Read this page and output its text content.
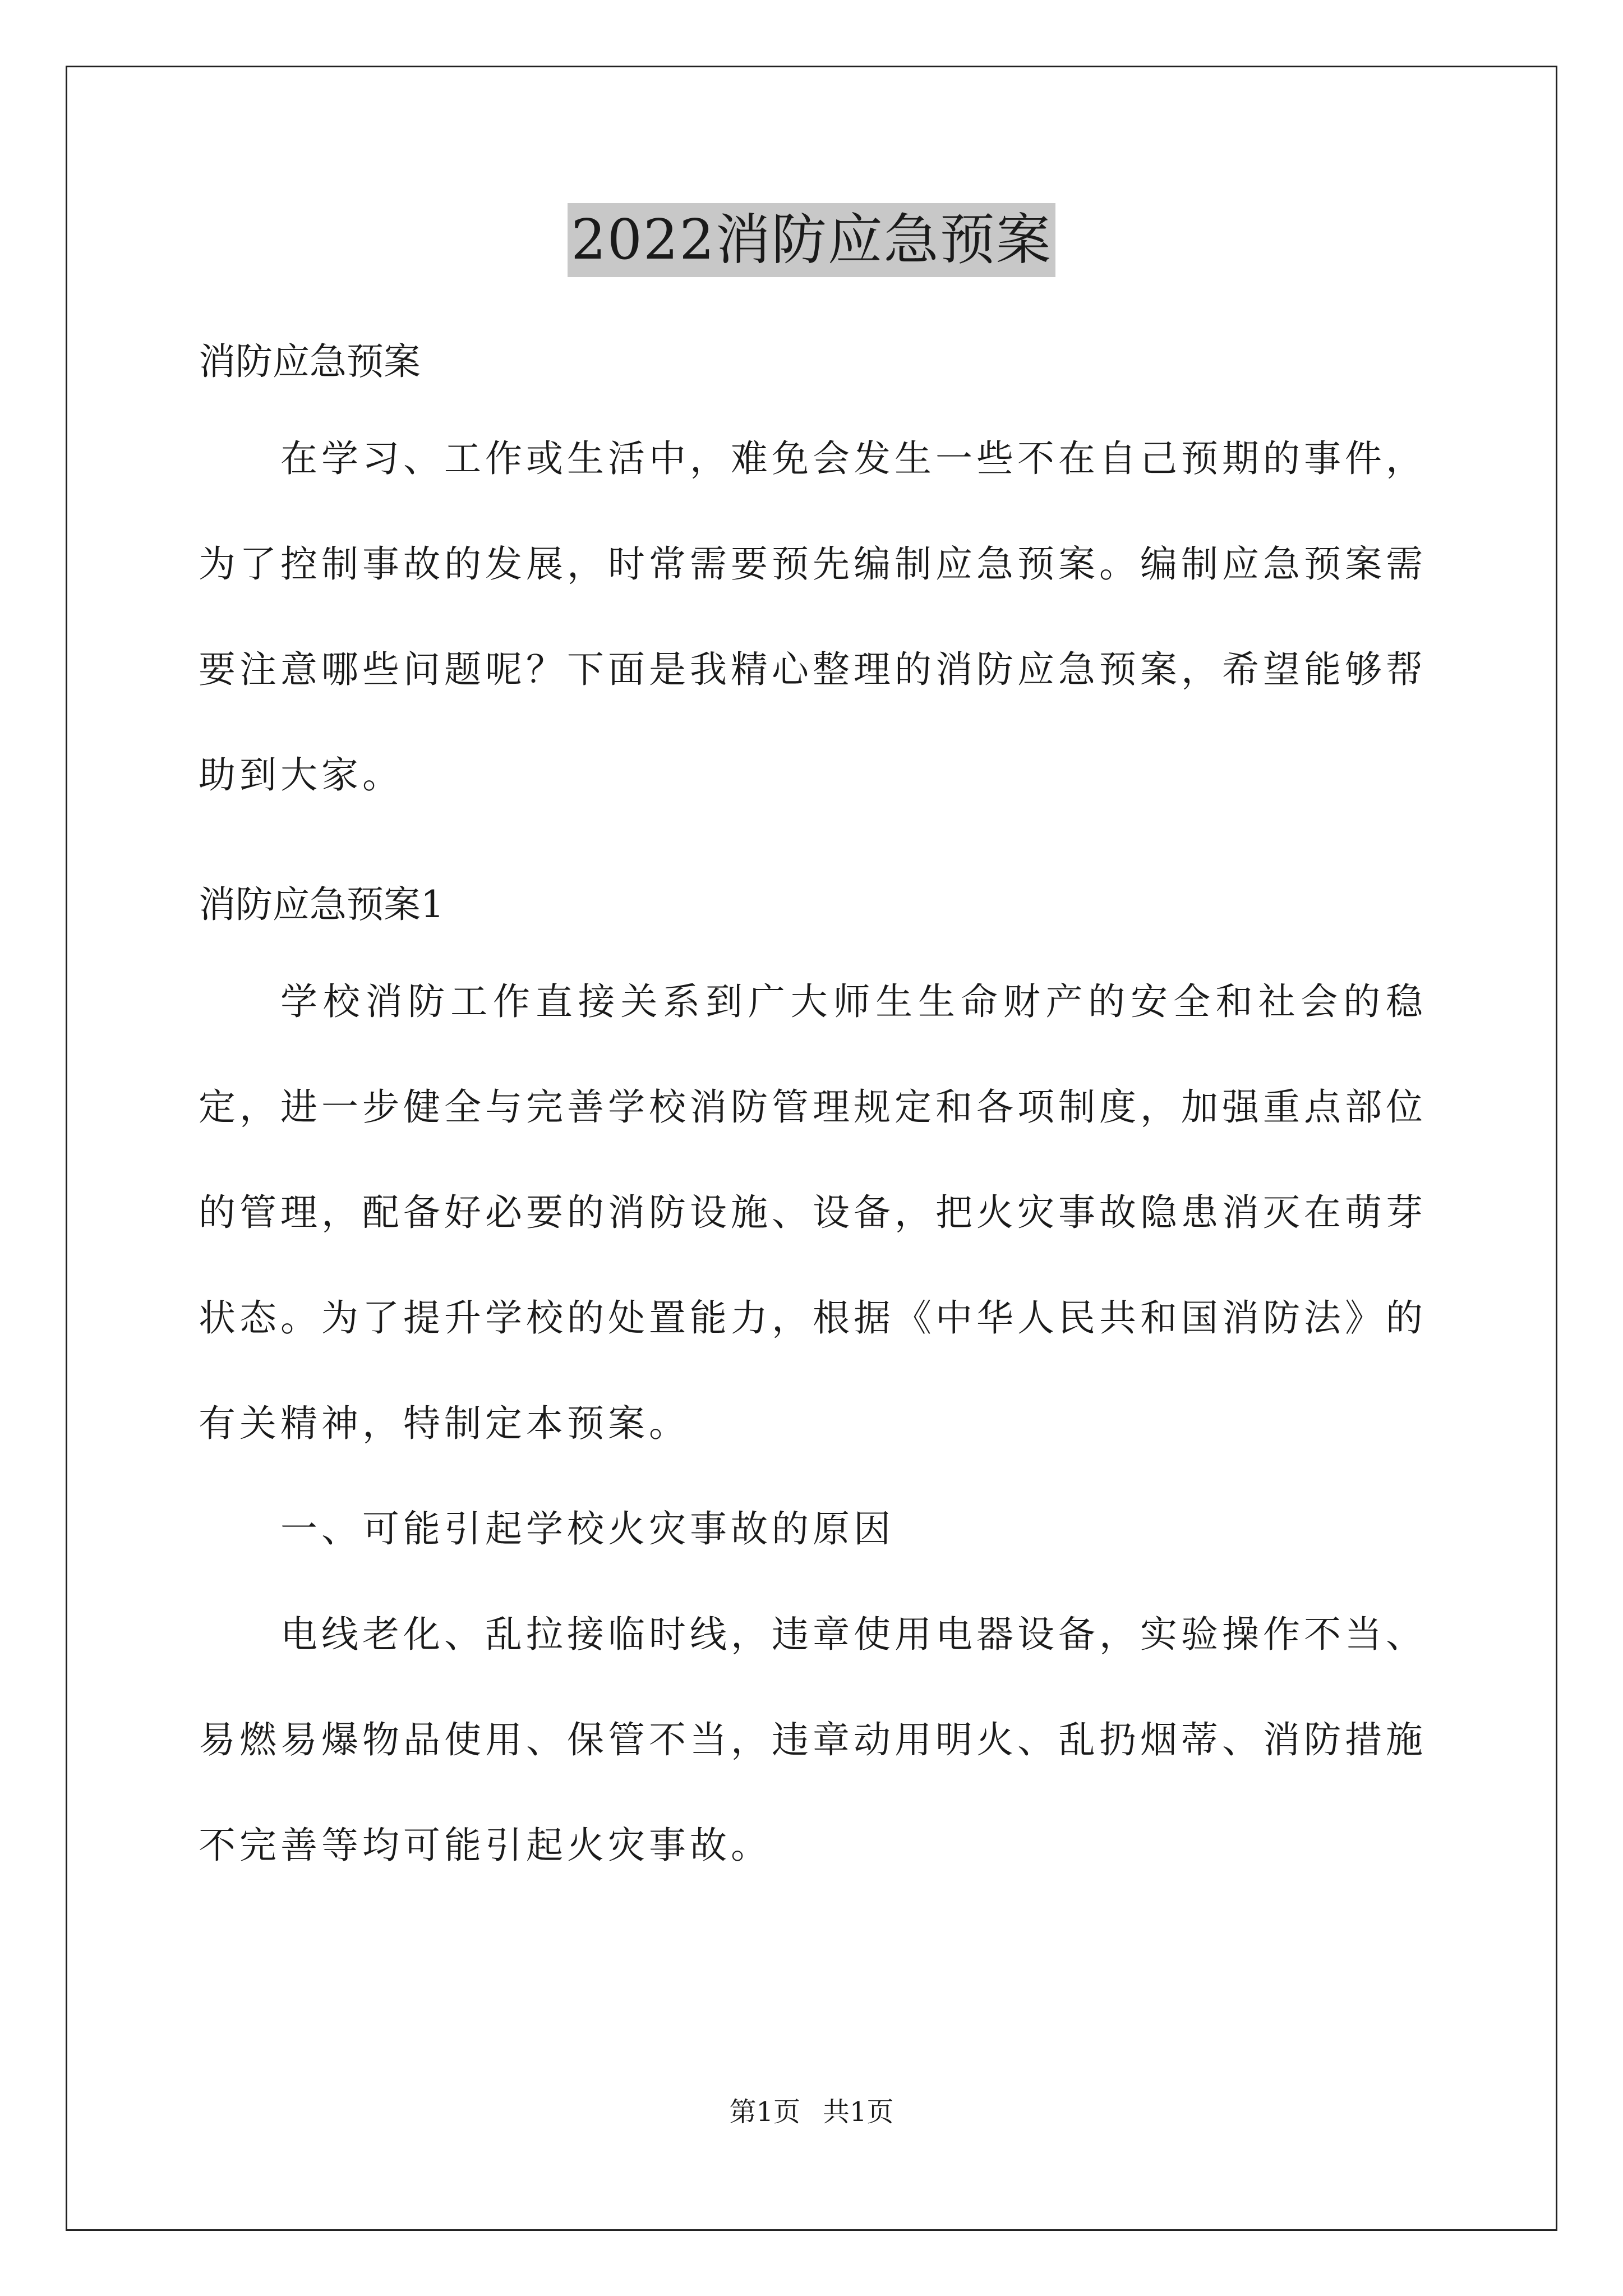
2022消防应急预案

消防应急预案

在学习、工作或生活中，难免会发生一些不在自己预期的事件，为了控制事故的发展，时常需要预先编制应急预案。编制应急预案需要注意哪些问题呢？下面是我精心整理的消防应急预案，希望能够帮助到大家。

消防应急预案1

学校消防工作直接关系到广大师生生命财产的安全和社会的稳定，进一步健全与完善学校消防管理规定和各项制度，加强重点部位的管理，配备好必要的消防设施、设备，把火灾事故隐患消灭在萌芽状态。为了提升学校的处置能力，根据《中华人民共和国消防法》的有关精神，特制定本预案。

一、可能引起学校火灾事故的原因

电线老化、乱拉接临时线，违章使用电器设备，实验操作不当、易燃易爆物品使用、保管不当，违章动用明火、乱扔烟蒂、消防措施不完善等均可能引起火灾事故。

第1页 共1页
